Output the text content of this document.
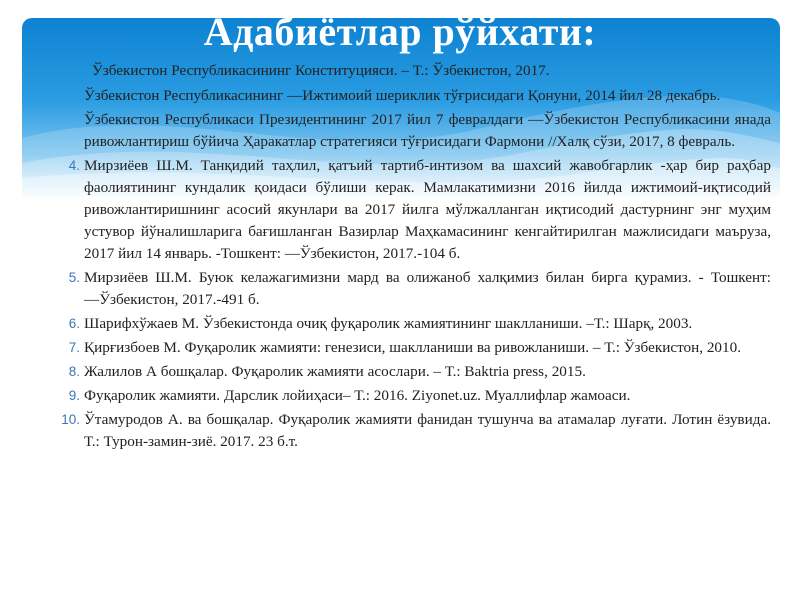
Адабиётлар рўйхати:
Ўзбекистон Республикасининг Конституцияси. – Т.: Ўзбекистон, 2017.
Ўзбекистон Республикасининг ―Ижтимоий шериклик тўғрисидаги Қонуни, 2014 йил 28 декабрь.
Ўзбекистон Республикаси Президентининг 2017 йил 7 февралдаги ―Ўзбекистон Республикасини янада ривожлантириш бўйича Ҳаракатлар стратегияси тўғрисидаги Фармони //Халқ сўзи, 2017, 8 февраль.
4. Мирзиёев Ш.М. Танқидий таҳлил, қатъий тартиб-интизом ва шахсий жавобгарлик -ҳар бир раҳбар фаолиятининг кундалик қоидаси бўлиши керак. Мамлакатимизни 2016 йилда ижтимоий-иқтисодий ривожлантиришнинг асосий якунлари ва 2017 йилга мўлжалланган иқтисодий дастурнинг энг муҳим устувор йўналишларига бағишланган Вазирлар Маҳкамасининг кенгайтирилган мажлисидаги маъруза, 2017 йил 14 январь. -Тошкент: ―Ўзбекистон, 2017.-104 б.
5. Мирзиёев Ш.М. Буюк келажагимизни мард ва олижаноб халқимиз билан бирга қурамиз. - Тошкент: ―Ўзбекистон, 2017.-491 б.
6. Шарифхўжаев М. Ўзбекистонда очиқ фуқаролик жамиятининг шаклланиши. –Т.: Шарқ, 2003.
7. Қирғизбоев М. Фуқаролик жамияти: генезиси, шаклланиши ва ривожланиши. – Т.: Ўзбекистон, 2010.
8. Жалилов А бошқалар. Фуқаролик жамияти асослари. – Т.: Baktria press, 2015.
9. Фуқаролик жамияти. Дарслик лойиҳаси– Т.: 2016. Ziyonet.uz. Муаллифлар жамоаси.
10. Ўтамуродов А. ва бошқалар. Фуқаролик жамияти фанидан тушунча ва атамалар луғати. Лотин ёзувида. Т.: Турон-замин-зиё. 2017. 23 б.т.
